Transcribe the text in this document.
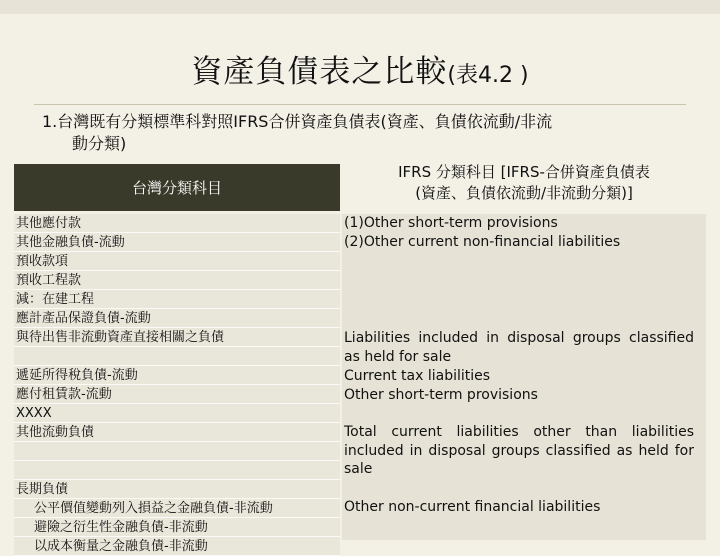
資產負債表之比較(表4.2 )
1.台灣既有分類標準科對照IFRS合併資產負債表(資產、負債依流動/非流
動分類)
台灣分類科目
IFRS 分類科目 [IFRS-合併資產負債表
(資產、負債依流動/非流動分類)]
其他應付款
其他金融負債-流動
預收款項
預收工程款
減：在建工程
應計產品保證負債-流動
與待出售非流動資產直接相關之負債
遞延所得稅負債-流動
應付租賃款-流動
XXXX
其他流動負債
長期負債
公平價值變動列入損益之金融負債-非流動
避險之衍生性金融負債-非流動
以成本衡量之金融負債-非流動
(1)Other short-term provisions
(2)Other current non-financial liabilities
Liabilities included in disposal groups classified as held for sale
Current tax liabilities
Other short-term provisions
Total current liabilities other than liabilities included in disposal groups classified as held for sale
Other non-current financial liabilities
